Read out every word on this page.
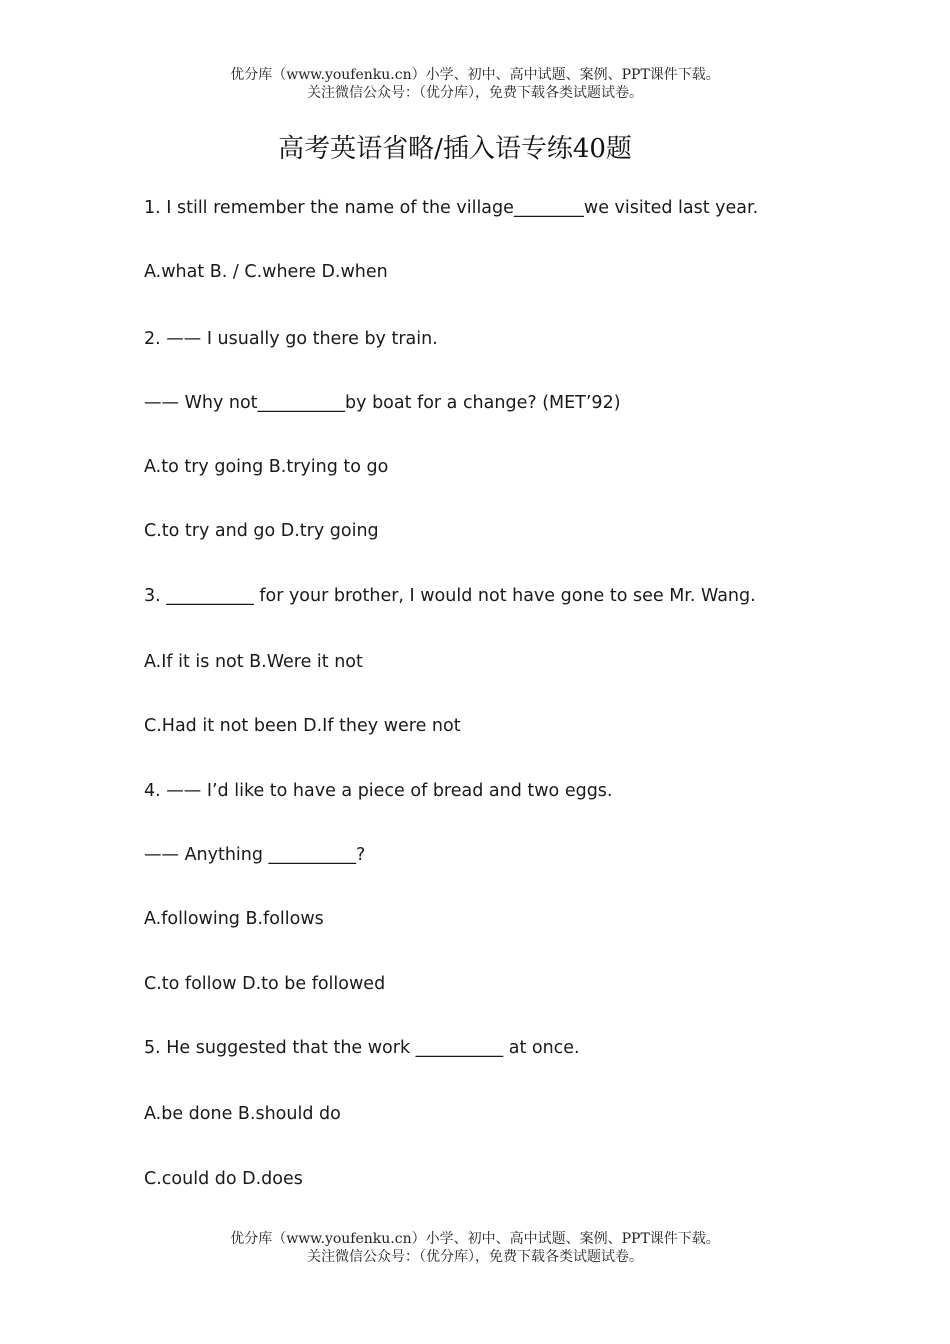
优分库（www.youfenku.cn）小学、初中、高中试题、案例、PPT课件下载。
关注微信公众号：（优分库），免费下载各类试题试卷。
高考英语省略/插入语专练40题
1. I still remember the name of the village________we visited last year.
A.what B. / C.where D.when
2. —— I usually go there by train.
—— Why not__________by boat for a change? (MET’92)
A.to try going B.trying to go
C.to try and go D.try going
3. __________ for your brother, I would not have gone to see Mr. Wang.
A.If it is not B.Were it not
C.Had it not been D.If they were not
4. —— I’d like to have a piece of bread and two eggs.
—— Anything __________?
A.following B.follows
C.to follow D.to be followed
5. He suggested that the work __________ at once.
A.be done B.should do
C.could do D.does
优分库（www.youfenku.cn）小学、初中、高中试题、案例、PPT课件下载。
关注微信公众号：（优分库），免费下载各类试题试卷。
